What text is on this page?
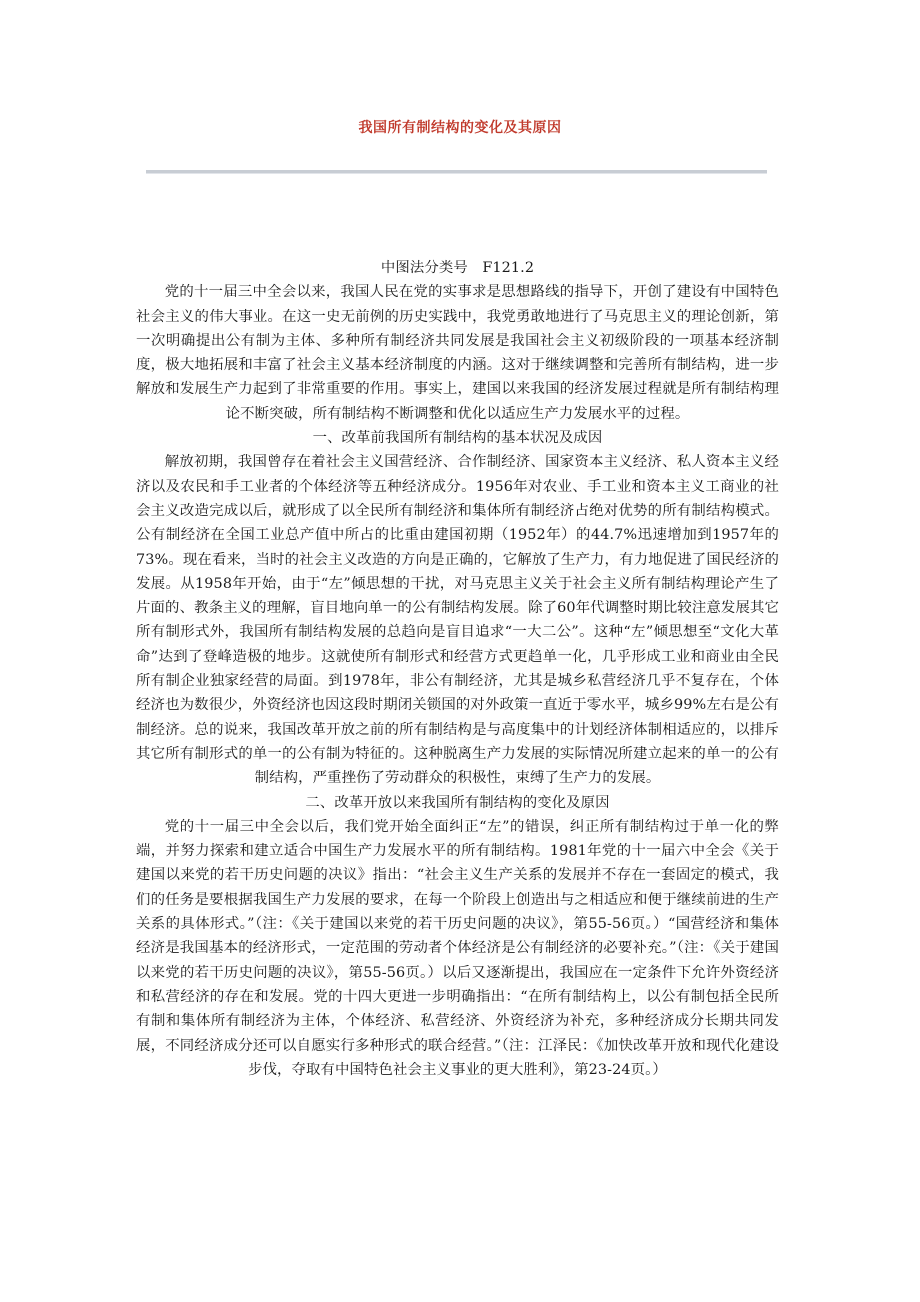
我国所有制结构的变化及其原因

中图法分类号　F121.2

党的十一届三中全会以来，我国人民在党的实事求是思想路线的指导下，开创了建设有中国特色社会主义的伟大事业。在这一史无前例的历史实践中，我党勇敢地进行了马克思主义的理论创新，第一次明确提出公有制为主体、多种所有制经济共同发展是我国社会主义初级阶段的一项基本经济制度，极大地拓展和丰富了社会主义基本经济制度的内涵。这对于继续调整和完善所有制结构，进一步解放和发展生产力起到了非常重要的作用。事实上，建国以来我国的经济发展过程就是所有制结构理论不断突破，所有制结构不断调整和优化以适应生产力发展水平的过程。

一、改革前我国所有制结构的基本状况及成因

解放初期，我国曾存在着社会主义国营经济、合作制经济、国家资本主义经济、私人资本主义经济以及农民和手工业者的个体经济等五种经济成分。1956年对农业、手工业和资本主义工商业的社会主义改造完成以后，就形成了以全民所有制经济和集体所有制经济占绝对优势的所有制结构模式。公有制经济在全国工业总产值中所占的比重由建国初期（1952年）的44.7%迅速增加到1957年的73%。现在看来，当时的社会主义改造的方向是正确的，它解放了生产力，有力地促进了国民经济的发展。从1958年开始，由于“左”倾思想的干扰，对马克思主义关于社会主义所有制结构理论产生了片面的、教条主义的理解，盲目地向单一的公有制结构发展。除了60年代调整时期比较注意发展其它所有制形式外，我国所有制结构发展的总趋向是盲目追求“一大二公”。这种“左”倾思想至“文化大革命”达到了登峰造极的地步。这就使所有制形式和经营方式更趋单一化，几乎形成工业和商业由全民所有制企业独家经营的局面。到1978年，非公有制经济，尤其是城乡私营经济几乎不复存在，个体经济也为数很少，外资经济也因这段时期闭关锁国的对外政策一直近于零水平，城乡99%左右是公有制经济。总的说来，我国改革开放之前的所有制结构是与高度集中的计划经济体制相适应的，以排斥其它所有制形式的单一的公有制为特征的。这种脱离生产力发展的实际情况所建立起来的单一的公有制结构，严重挫伤了劳动群众的积极性，束缚了生产力的发展。

二、改革开放以来我国所有制结构的变化及原因

党的十一届三中全会以后，我们党开始全面纠正“左”的错误，纠正所有制结构过于单一化的弊端，并努力探索和建立适合中国生产力发展水平的所有制结构。1981年党的十一届六中全会《关于建国以来党的若干历史问题的决议》指出：“社会主义生产关系的发展并不存在一套固定的模式，我们的任务是要根据我国生产力发展的要求，在每一个阶段上创造出与之相适应和便于继续前进的生产关系的具体形式。”（注：《关于建国以来党的若干历史问题的决议》，第55-56页。）“国营经济和集体经济是我国基本的经济形式，一定范围的劳动者个体经济是公有制经济的必要补充。”（注：《关于建国以来党的若干历史问题的决议》，第55-56页。）以后又逐渐提出，我国应在一定条件下允许外资经济和私营经济的存在和发展。党的十四大更进一步明确指出：“在所有制结构上，以公有制包括全民所有制和集体所有制经济为主体，个体经济、私营经济、外资经济为补充，多种经济成分长期共同发展，不同经济成分还可以自愿实行多种形式的联合经营。”（注：江泽民：《加快改革开放和现代化建设步伐，夺取有中国特色社会主义事业的更大胜利》，第23-24页。）
